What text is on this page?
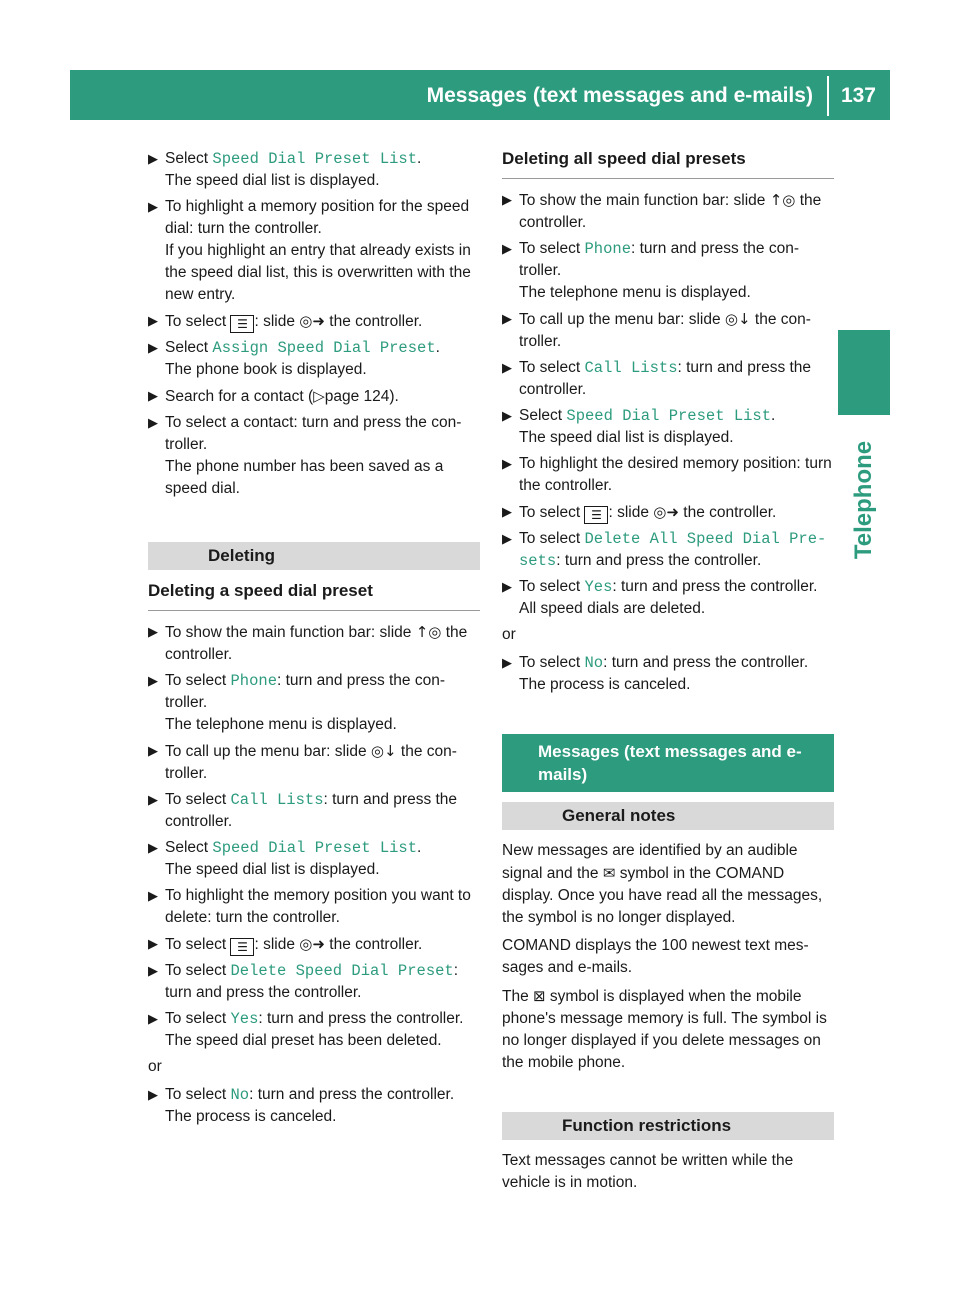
Messages (text messages and e-mails) 137
Telephone
▶ Select Speed Dial Preset List.

The speed dial list is displayed.

▶ To highlight a memory position for the speed dial: turn the controller.

If you highlight an entry that already exists in the speed dial list, this is overwritten with the new entry.

▶ To select ☰ : slide ◎➜ the controller.

▶ Select Assign Speed Dial Preset.

The phone book is displayed.

▶ Search for a contact (▷page 124).

▶ To select a contact: turn and press the controller.

The phone number has been saved as a speed dial.

Deleting
Deleting a speed dial preset
▶ To show the main function bar: slide ↑◎ the controller.

▶ To select Phone: turn and press the controller.

The telephone menu is displayed.

▶ To call up the menu bar: slide ◎↓ the controller.

▶ To select Call Lists: turn and press the controller.

▶ Select Speed Dial Preset List.

The speed dial list is displayed.

▶ To highlight the memory position you want to delete: turn the controller.

▶ To select ☰ : slide ◎➜ the controller.

▶ To select Delete Speed Dial Preset: turn and press the controller.

▶ To select Yes: turn and press the controller.

The speed dial preset has been deleted.

or

▶ To select No: turn and press the controller.

The process is canceled.

Deleting all speed dial presets
▶ To show the main function bar: slide ↑◎ the controller.

▶ To select Phone: turn and press the controller.

The telephone menu is displayed.

▶ To call up the menu bar: slide ◎↓ the controller.

▶ To select Call Lists: turn and press the controller.

▶ Select Speed Dial Preset List.

The speed dial list is displayed.

▶ To highlight the desired memory position: turn the controller.

▶ To select ☰ : slide ◎➜ the controller.

▶ To select Delete All Speed Dial Pre‐sets: turn and press the controller.

▶ To select Yes: turn and press the controller.

All speed dials are deleted.

or

▶ To select No: turn and press the controller.

The process is canceled.

Messages (text messages and e-mails)
General notes

New messages are identified by an audible signal and the ✉ symbol in the COMAND display. Once you have read all the messages, the symbol is no longer displayed.

COMAND displays the 100 newest text messages and e-mails.

The ⊠ symbol is displayed when the mobile phone's message memory is full. The symbol is no longer displayed if you delete messages on the mobile phone.

Function restrictions

Text messages cannot be written while the vehicle is in motion.
